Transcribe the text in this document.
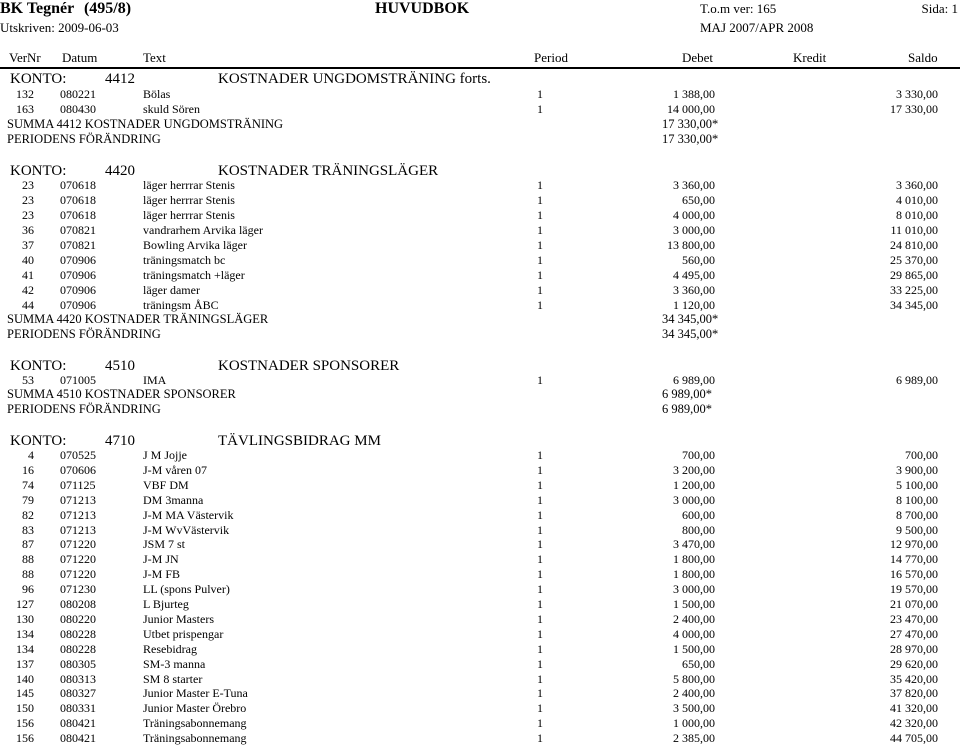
BK Tegnér (495/8)	HUVUDBOK	T.o.m ver: 165	Sida: 1
Utskriven: 2009-06-03	MAJ 2007/APR 2008
VerNr Datum	Text	Period	Debet	Kredit	Saldo
KONTO:	4412	KOSTNADER UNGDOMSTRÄNING forts.
132 080221	Bölas	1	1 388,00	3 330,00
163 080430	skuld Sören	1	14 000,00	17 330,00
SUMMA 4412 KOSTNADER UNGDOMSTRÄNING	17 330,00*
PERIODENS FÖRÄNDRING	17 330,00*
KONTO:	4420	KOSTNADER TRÄNINGSLÄGER
23 070618	läger herrrar Stenis	1	3 360,00	3 360,00
23 070618	läger herrrar Stenis	1	650,00	4 010,00
23 070618	läger herrrar Stenis	1	4 000,00	8 010,00
36 070821	vandrarhem Arvika läger	1	3 000,00	11 010,00
37 070821	Bowling Arvika läger	1	13 800,00	24 810,00
40 070906	träningsmatch bc	1	560,00	25 370,00
41 070906	träningsmatch +läger	1	4 495,00	29 865,00
42 070906	läger damer	1	3 360,00	33 225,00
44 070906	träningsm ÅBC	1	1 120,00	34 345,00
SUMMA 4420 KOSTNADER TRÄNINGSLÄGER	34 345,00*
PERIODENS FÖRÄNDRING	34 345,00*
KONTO:	4510	KOSTNADER SPONSORER
53 071005	IMA	1	6 989,00	6 989,00
SUMMA 4510 KOSTNADER SPONSORER	6 989,00*
PERIODENS FÖRÄNDRING	6 989,00*
KONTO:	4710	TÄVLINGSBIDRAG MM
4 070525	J M Jojje	1	700,00	700,00
16 070606	J-M våren 07	1	3 200,00	3 900,00
74 071125	VBF DM	1	1 200,00	5 100,00
79 071213	DM 3manna	1	3 000,00	8 100,00
82 071213	J-M MA Västervik	1	600,00	8 700,00
83 071213	J-M WvVästervik	1	800,00	9 500,00
87 071220	JSM 7 st	1	3 470,00	12 970,00
88 071220	J-M JN	1	1 800,00	14 770,00
88 071220	J-M FB	1	1 800,00	16 570,00
96 071230	LL (spons Pulver)	1	3 000,00	19 570,00
127 080208	L Bjurteg	1	1 500,00	21 070,00
130 080220	Junior Masters	1	2 400,00	23 470,00
134 080228	Utbet prispengar	1	4 000,00	27 470,00
134 080228	Resebidrag	1	1 500,00	28 970,00
137 080305	SM-3 manna	1	650,00	29 620,00
140 080313	SM 8 starter	1	5 800,00	35 420,00
145 080327	Junior Master E-Tuna	1	2 400,00	37 820,00
150 080331	Junior Master Örebro	1	3 500,00	41 320,00
156 080421	Träningsabonnemang	1	1 000,00	42 320,00
156 080421	Träningsabonnemang	1	2 385,00	44 705,00
